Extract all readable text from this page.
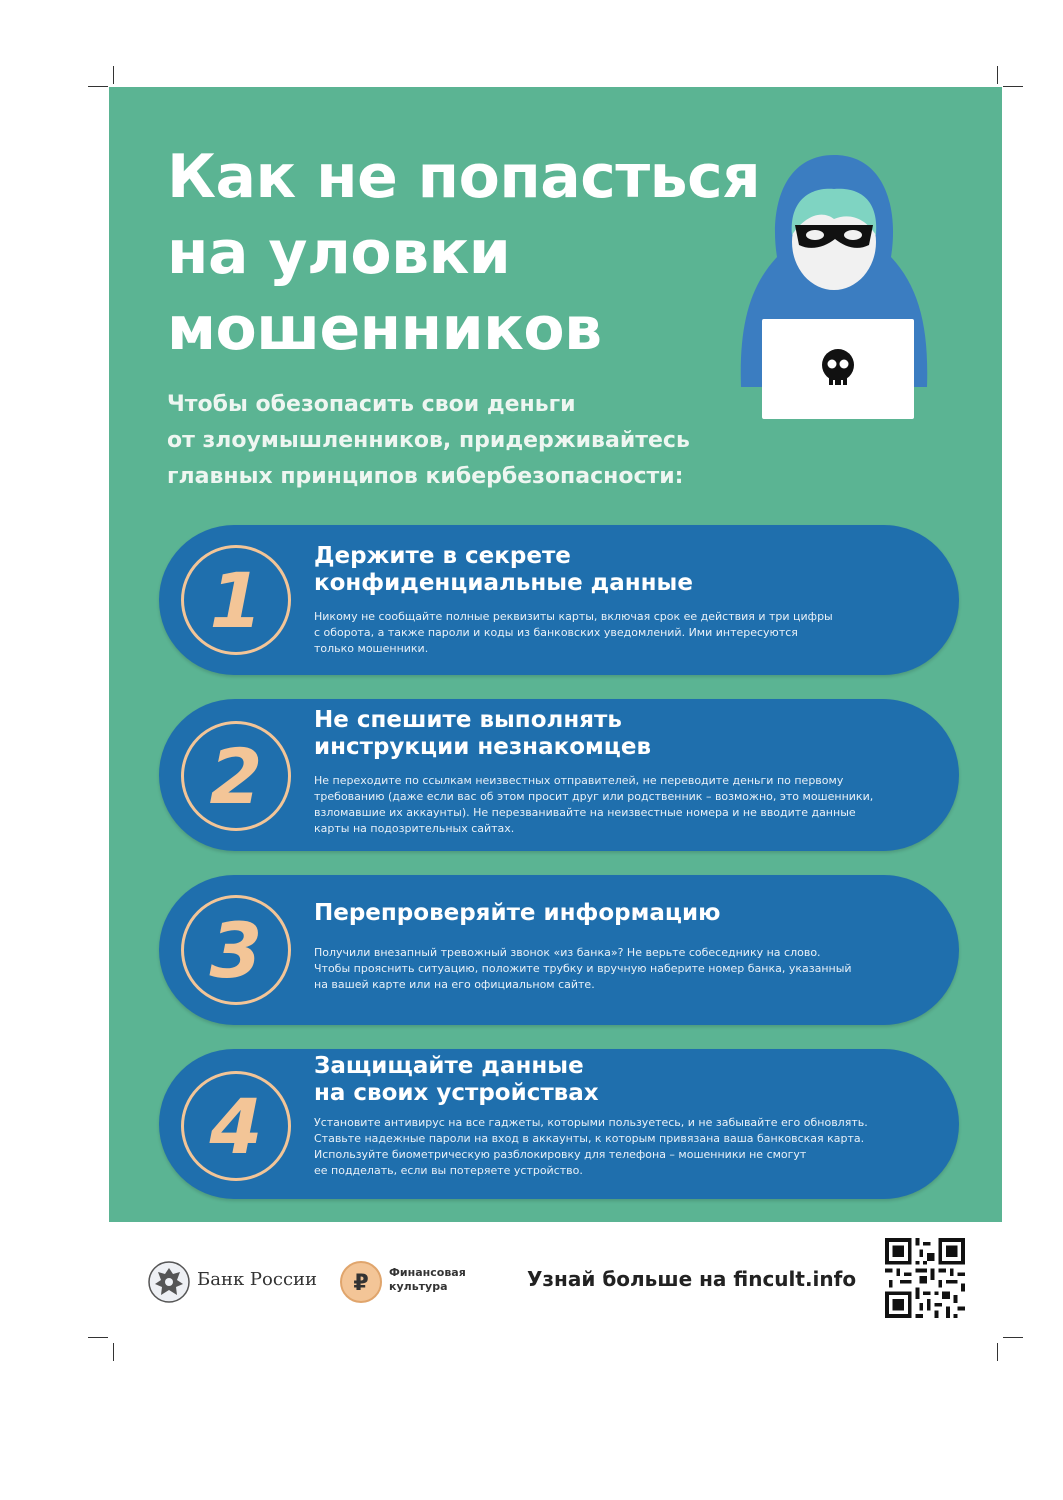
Как не попасться
на уловки
мошенников

Чтобы обезопасить свои деньги
от злоумышленников, придерживайтесь
главных принципов кибербезопасности:

1	Держите в секрете
конфиденциальные данные

Никому не сообщайте полные реквизиты карты, включая срок ее действия и три цифры
с оборота, а также пароли и коды из банковских уведомлений. Ими интересуются
только мошенники.

2
Не спешите выполнять
инструкции незнакомцев

Не переходите по ссылкам неизвестных отправителей, не переводите деньги по первому
требованию (даже если вас об этом просит друг или родственник – возможно, это мошенники,
взломавшие их аккаунты). Не перезванивайте на неизвестные номера и не вводите данные
карты на подозрительных сайтах.

3	Перепроверяйте информацию

Получили внезапный тревожный звонок «из банка»? Не верьте собеседнику на слово.
Чтобы прояснить ситуацию, положите трубку и вручную наберите номер банка, указанный
на вашей карте или на его официальном сайте.

4
Защищайте данные
на своих устройствах

Установите антивирус на все гаджеты, которыми пользуетесь, и не забывайте его обновлять.
Ставьте надежные пароли на вход в аккаунты, к которым привязана ваша банковская карта.
Используйте биометрическую разблокировку для телефона – мошенники не смогут
ее подделать, если вы потеряете устройство.

Банк России ₽ Финансовая
культура	Узнай больше на fincult.info
